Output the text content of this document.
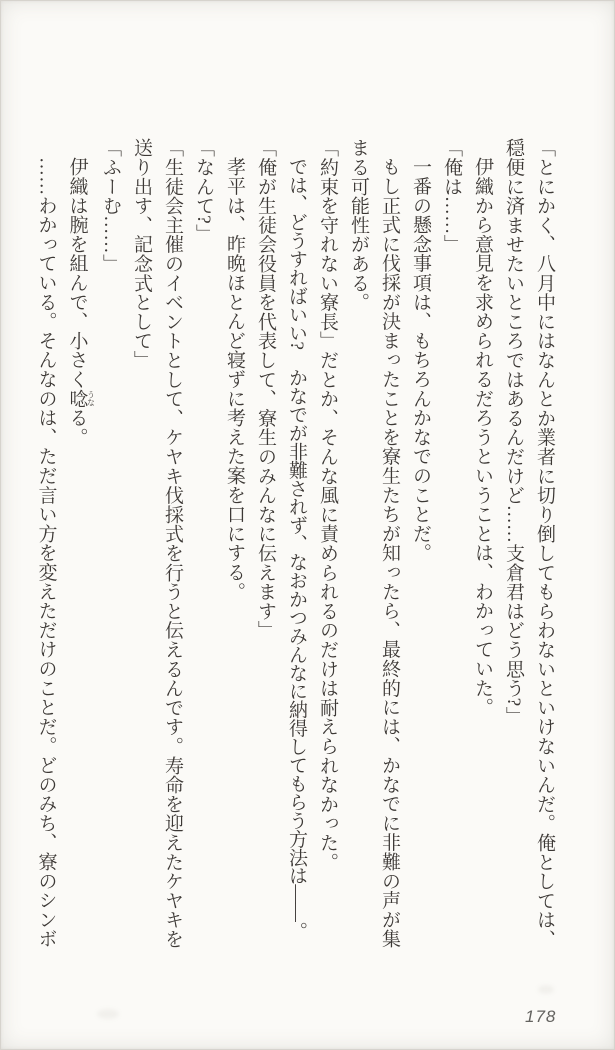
「とにかく、八月中にはなんとか業者に切り倒してもらわないといけないんだ。俺としては、

穏便に済ませたいところではあるんだけど……支倉君はどう思う?」

伊織から意見を求められるだろうということは、わかっていた。

「俺は……」

一番の懸念事項は、もちろんかなでのことだ。

もし正式に伐採が決まったことを寮生たちが知ったら、最終的には、かなでに非難の声が集

まる可能性がある。

「約束を守れない寮長」だとか、そんな風に責められるのだけは耐えられなかった。

では、どうすればいい?　かなでが非難されず、なおかつみんなに納得してもらう方法は――。

「俺が生徒会役員を代表して、寮生のみんなに伝えます」

孝平は、昨晩ほとんど寝ずに考えた案を口にする。

「なんて?」

「生徒会主催のイベントとして、ケヤキ伐採式を行うと伝えるんです。寿命を迎えたケヤキを

送り出す、記念式として」

「ふーむ……」

伊織は腕を組んで、小さく唸 うなる。

……わかっている。そんなのは、ただ言い方を変えただけのことだ。どのみち、寮のシンボ

178
